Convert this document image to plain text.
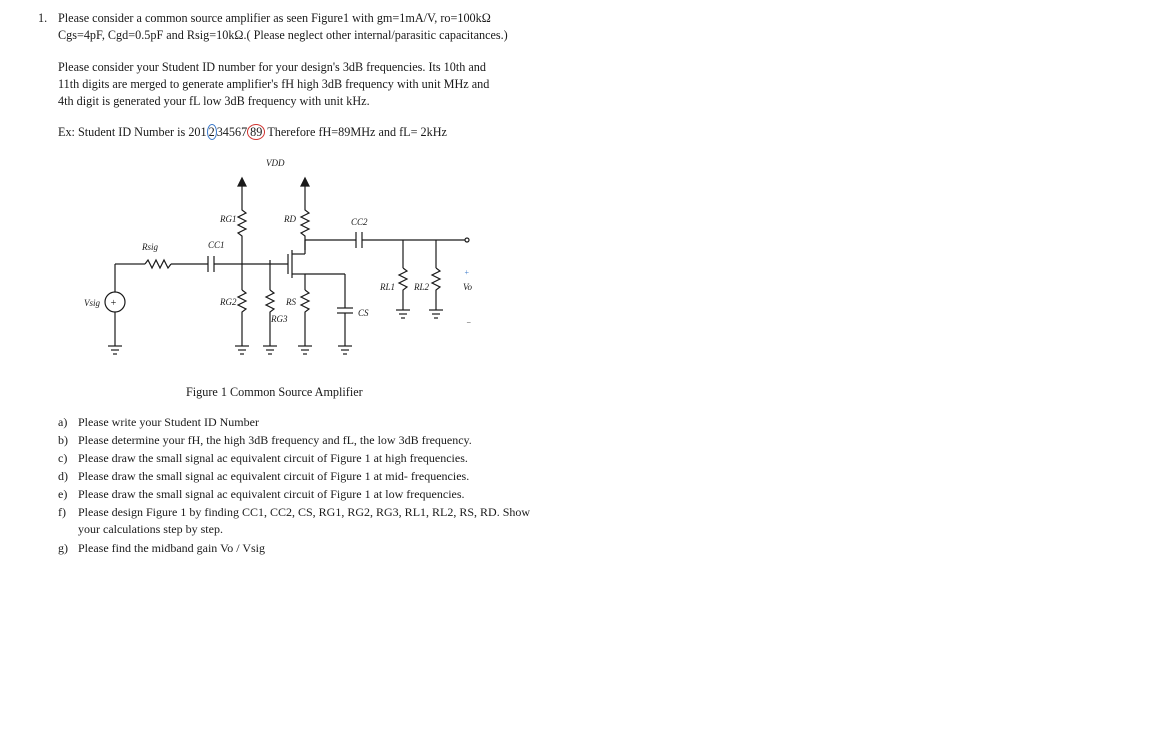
1. Please consider a common source amplifier as seen Figure1 with gm=1mA/V, ro=100kΩ
Cgs=4pF, Cgd=0.5pF and Rsig=10kΩ.( Please neglect other internal/parasitic capacitances.)
Please consider your Student ID number for your design's 3dB frequencies. Its 10th and
11th digits are merged to generate amplifier's fH high 3dB frequency with unit MHz and
4th digit is generated your fL low 3dB frequency with unit kHz.
Ex: Student ID Number is 201 2 34567 89 Therefore fH=89MHz and fL= 2kHz
VDD
RG1	RD	CC2
Rsig	CC1
RL1 RL2	Vo
+
−
Vsig +	RG2	RS
RG3
CS
Figure 1 Common Source Amplifier
a) Please write your Student ID Number
b) Please determine your fH, the high 3dB frequency and fL, the low 3dB frequency.
c) Please draw the small signal ac equivalent circuit of Figure 1 at high frequencies.
d) Please draw the small signal ac equivalent circuit of Figure 1 at mid- frequencies.
e) Please draw the small signal ac equivalent circuit of Figure 1 at low frequencies.
f) Please design Figure 1 by finding CC1, CC2, CS, RG1, RG2, RG3, RL1, RL2, RS, RD. Show
your calculations step by step.
g) Please find the midband gain Vo / Vsig
